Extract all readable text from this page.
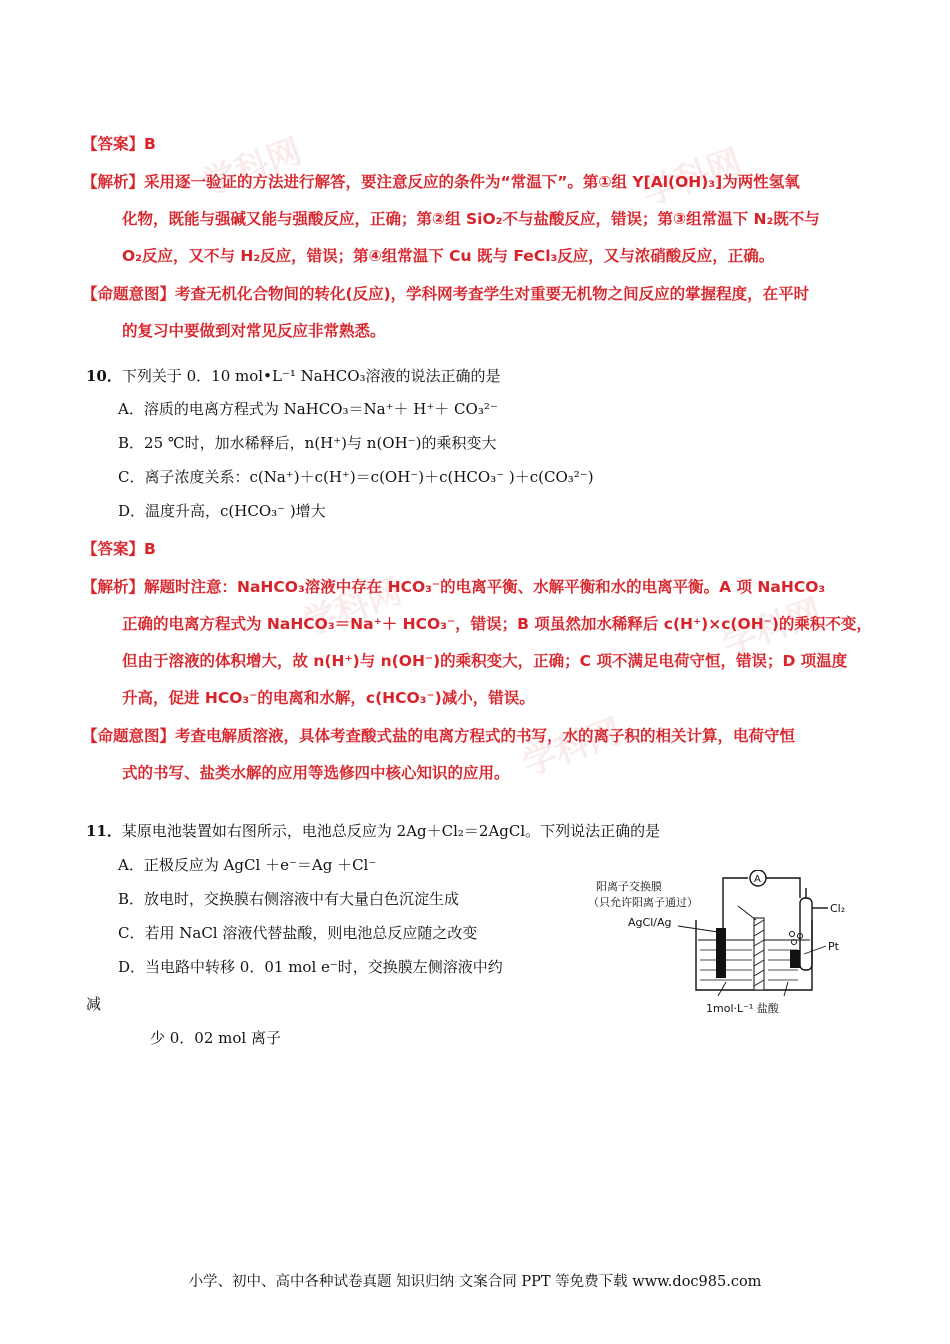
学科网	学科网
学科网	学科网
学科网
【答案】B
【解析】采用逐一验证的方法进行解答，要注意反应的条件为“常温下”。第①组 Y[Al(OH)₃]为两性氢氧
化物，既能与强碱又能与强酸反应，正确；第②组 SiO₂不与盐酸反应，错误；第③组常温下 N₂既不与
O₂反应，又不与 H₂反应，错误；第④组常温下 Cu 既与 FeCl₃反应，又与浓硝酸反应，正确。
【命题意图】考查无机化合物间的转化(反应)，学科网考查学生对重要无机物之间反应的掌握程度，在平时
的复习中要做到对常见反应非常熟悉。
10．下列关于 0．10 mol•L⁻¹ NaHCO₃溶液的说法正确的是
A．溶质的电离方程式为 NaHCO₃＝Na⁺＋ H⁺＋ CO₃²⁻
B．25 ℃时，加水稀释后，n(H⁺)与 n(OH⁻)的乘积变大
C．离子浓度关系：c(Na⁺)＋c(H⁺)＝c(OH⁻)＋c(HCO₃⁻ )＋c(CO₃²⁻)
D．温度升高，c(HCO₃⁻ )增大
【答案】B
【解析】解题时注意：NaHCO₃溶液中存在 HCO₃⁻的电离平衡、水解平衡和水的电离平衡。A 项 NaHCO₃
正确的电离方程式为 NaHCO₃＝Na⁺＋ HCO₃⁻，错误；B 项虽然加水稀释后 c(H⁺)×c(OH⁻)的乘积不变，
但由于溶液的体积增大，故 n(H⁺)与 n(OH⁻)的乘积变大，正确；C 项不满足电荷守恒，错误；D 项温度
升高，促进 HCO₃⁻的电离和水解，c(HCO₃⁻)减小，错误。
【命题意图】考查电解质溶液，具体考查酸式盐的电离方程式的书写，水的离子积的相关计算，电荷守恒
式的书写、盐类水解的应用等选修四中核心知识的应用。
11．某原电池装置如右图所示，电池总反应为 2Ag＋Cl₂＝2AgCl。下列说法正确的是
A．正极反应为 AgCl ＋e⁻＝Ag ＋Cl⁻
B．放电时，交换膜右侧溶液中有大量白色沉淀生成
C．若用 NaCl 溶液代替盐酸，则电池总反应随之改变
D．当电路中转移 0．01 mol e⁻时，交换膜左侧溶液中约
减
少 0．02 mol 离子
阳离子交换膜
（只允许阳离子通过）
A
AgCl/Ag
Cl₂
Pt
1mol·L⁻¹ 盐酸
小学、初中、高中各种试卷真题 知识归纳 文案合同 PPT 等免费下载 www.doc985.com
